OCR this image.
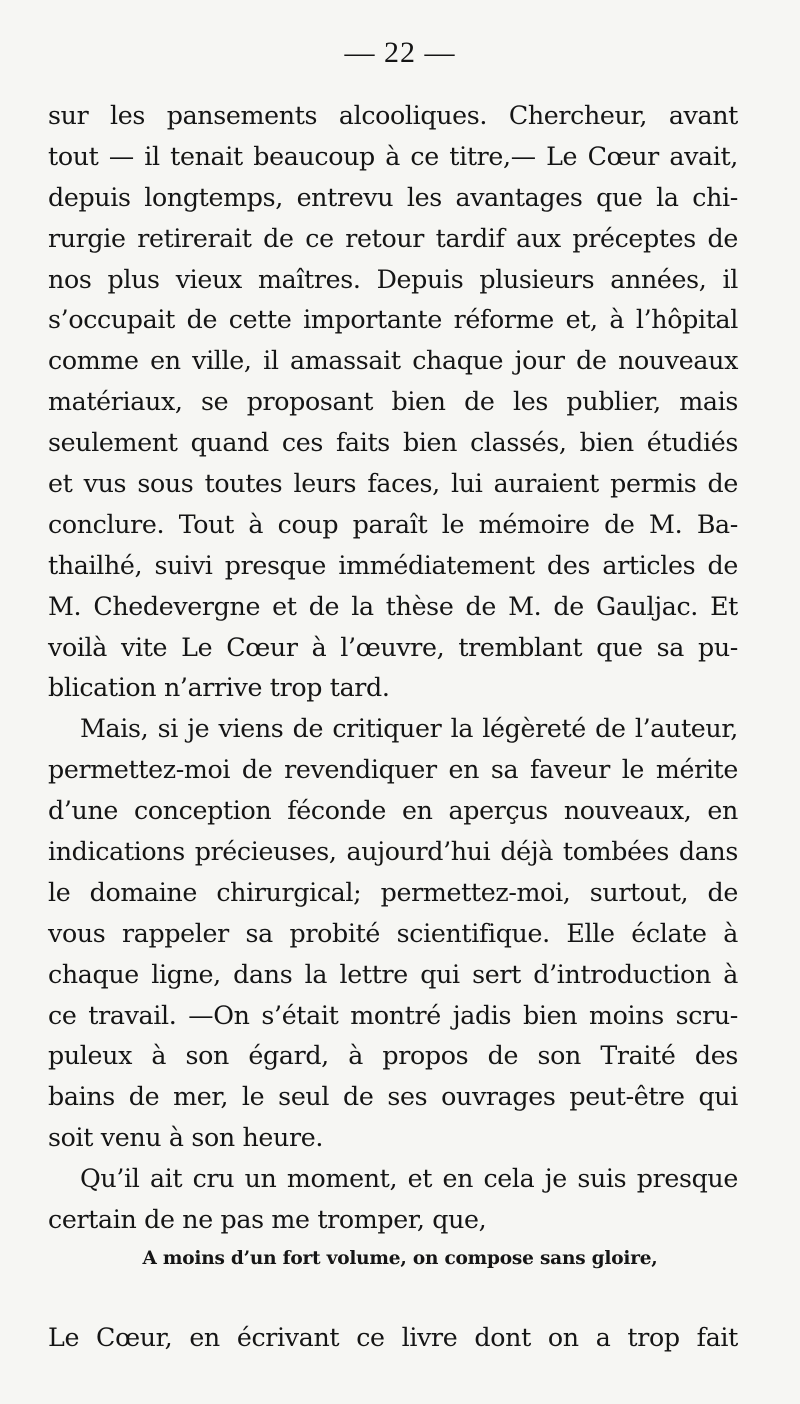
— 22 —
sur les pansements alcooliques. Chercheur, avant
tout — il tenait beaucoup à ce titre,— Le Cœur avait,
depuis longtemps, entrevu les avantages que la chi-
rurgie retirerait de ce retour tardif aux préceptes de
nos plus vieux maîtres. Depuis plusieurs années, il
s’occupait de cette importante réforme et, à l’hôpital
comme en ville, il amassait chaque jour de nouveaux
matériaux, se proposant bien de les publier, mais
seulement quand ces faits bien classés, bien étudiés
et vus sous toutes leurs faces, lui auraient permis de
conclure. Tout à coup paraît le mémoire de M. Ba-
thailhé, suivi presque immédiatement des articles de
M. Chedevergne et de la thèse de M. de Gauljac. Et
voilà vite Le Cœur à l’œuvre, tremblant que sa pu-
blication n’arrive trop tard.
Mais, si je viens de critiquer la légèreté de l’auteur,
permettez-moi de revendiquer en sa faveur le mérite
d’une conception féconde en aperçus nouveaux, en
indications précieuses, aujourd’hui déjà tombées dans
le domaine chirurgical; permettez-moi, surtout, de
vous rappeler sa probité scientifique. Elle éclate à
chaque ligne, dans la lettre qui sert d’introduction à
ce travail. —On s’était montré jadis bien moins scru-
puleux à son égard, à propos de son Traité des
bains de mer, le seul de ses ouvrages peut-être qui
soit venu à son heure.
Qu’il ait cru un moment, et en cela je suis presque
certain de ne pas me tromper, que,
A moins d’un fort volume, on compose sans gloire,
Le Cœur, en écrivant ce livre dont on a trop fait
